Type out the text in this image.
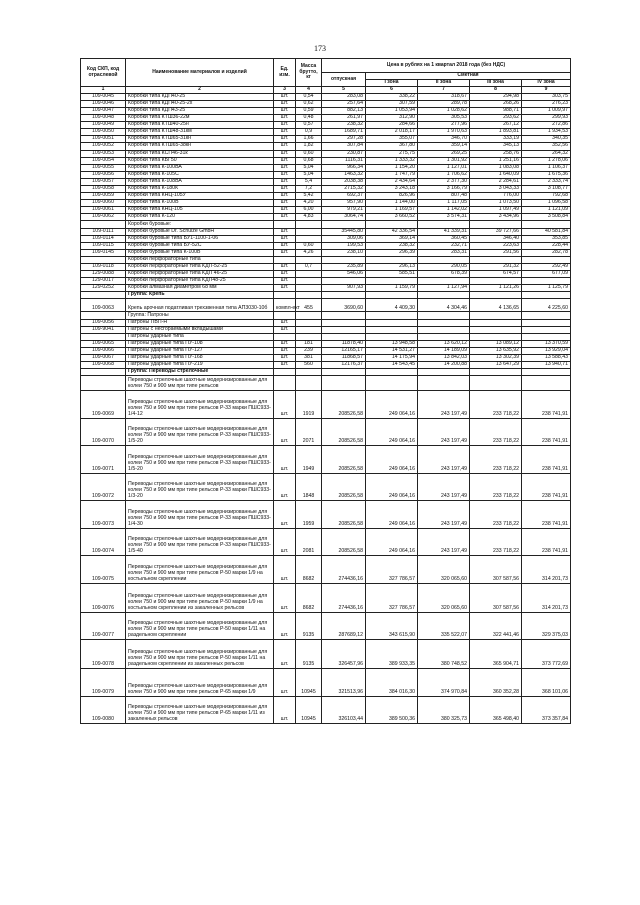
173
Код СКП, код отраслевой	Наименование материалов и изделий	Ед. изм.	Масса брутто, кг	Цена в рублях на 1 квартал 2018 года (без НДС)				
				отпускная	Сметная			
					I зона	II зона	III зона	IV зона
1	2	3	4	5	6	7	8	9
109-0045	Коробки типа КДП40-25	шт.	0,54	283,08	338,22	318,67	294,98	303,75
109-0046	Коробки типа КДП40-25-2x	шт.	0,62	257,64	307,59	289,78	268,26	276,23
109-0047	Коробки типа КДП43-25	шт.	0,59	882,13	1 053,94	1 028,62	988,71	1 009,97
109-0048	Коробки типа КТШ36-22м	шт.	0,48	261,97	312,90	305,53	293,62	299,93
109-0049	Коробки типа КТШ40-25н	шт.	0,57	238,32	284,66	277,96	267,12	272,86
109-0050	Коробки типа КТШ48-31км	шт.	0,9	1689,71	2 018,17	1 970,63	1 893,81	1 934,53
109-0051	Коробки типа КТШ65-31кн	шт.	1,66	297,28	355,07	346,70	333,19	340,35
109-0052	Коробки типа КТШ65-38кн	шт.	1,82	307,84	367,80	359,14	345,13	352,56
109-0053	Коробки типа КСП46-31к	шт.	0,60	230,87	275,75	269,25	258,76	264,32
109-0054	Коробки типа КБГ50	шт.	0,68	1116,31	1 333,32	1 301,92	1 251,16	1 278,06
109-0055	Коробки типа К-100ВА	шт.	5,04	966,34	1 154,20	1 127,01	1 083,08	1 106,37
109-0056	Коробки типа К-105С	шт.	5,04	1463,32	1 747,79	1 706,62	1 640,09	1 675,36
109-0057	Коробки типа К-108ВА	шт.	5,4	2038,38	2 434,64	2 377,30	2 284,61	2 333,74
109-0058	Коробки типа К-180К	шт.	7,2	2715,32	3 243,18	3 166,79	3 043,33	3 108,77
109-0059	Коробки типа КНЦ-105У	шт.	5,42	692,37	826,96	807,48	776,00	792,68
109-0060	Коробки типа К-100В	шт.	4,20	957,90	1 144,00	1 117,05	1 073,50	1 096,58
109-0061	Коробки типа КНЦ-105	шт.	6,00	979,21	1 169,57	1 142,02	1 097,49	1 121,09
109-0062	Коробки типа К-120	шт.	4,83	3064,74	3 660,52	3 574,31	3 434,96	3 508,84
	Коробки буровые:							
109-0111	Коробки буровые Dr. Schulze GmbH	шт.		35445,80	42 336,54	41 339,31	39 727,66	40 581,84
109-0114	Коробки буровые типа БУ1-1100-1-06	шт.		309,06	369,14	360,45	346,40	353,85
109-0115	Коробки буровые типа БУ-52С	шт.	0,60	199,53	238,32	232,71	223,63	228,44
109-0145	Коробки буровые типа К-100В	шт.	4,26	238,10	296,39	283,31	291,56	282,78
	Коробки перфораторные типа							
109-0118	Коробки перфораторные типа КДП-52-25	шт.	0,7	235,89	296,13	290,05	291,32	292,49
129-0088	Коробки перфораторные типа КДП 46-25	шт.		546,06	585,51	678,39	674,57	677,09
129-0017	Коробки перфораторные типа КДП48-25	шт.						
129-0252	Коробки алмазная диаметром 68 мм	шт.		907,93	1 159,79	1 127,94	1 121,26	1 125,79
	Группа: Крепь							
109-0063	Крепь арочная податливая трехзвенная типа АП3030-10б	компл-ект	455	3690,60	4 409,30	4 304,46	4 136,65	4 225,60
	Группа: Патроны							
109-0056	Патроны ПВП-Н	шт.						
109-9041	Патроны с несгораемыми вкладышами	шт.						
	Патроны ударные типа							
109-0065	Патроны ударные типа ПУ-108	шт.	181	11878,40	13 948,58	13 620,12	13 089,12	13 370,59
109-0066	Патроны ударные типа ПУ-127	шт.	239	12165,17	14 531,27	14 189,09	13 635,92	13 929,04
109-0067	Патроны ударные типа ПУ-168	шт.	381	11868,57	14 175,94	13 842,03	13 302,39	13 588,43
109-0068	Патроны ударные типа ПУ-219	шт.	560	12176,37	14 543,45	14 200,88	13 647,29	13 940,71
	Группа: Переводы стрелочные							
	Переводы стрелочные шахтные модернизированные для колеи 750 и 900 мм при типе рельсов							
109-0069	Переводы стрелочные шахтные модернизированные для колеи 750 и 900 мм при типе рельсов Р-33 марки ПШС933-1/4-12	шт.	1919	208526,58	249 064,16	243 197,49	233 718,22	238 741,91
109-0070	Переводы стрелочные шахтные модернизированные для колеи 750 и 900 мм при типе рельсов Р-33 марки ПШС933-1/5-20	шт.	2071	208526,58	249 064,16	243 197,49	233 718,22	238 741,91
109-0071	Переводы стрелочные шахтные модернизированные для колеи 750 и 900 мм при типе рельсов Р-33 марки ПШС933-1/5-20	шт.	1949	208526,58	249 064,16	243 197,49	233 718,22	238 741,91
109-0072	Переводы стрелочные шахтные модернизированные для колеи 750 и 900 мм при типе рельсов Р-33 марки ПШС933-1/3-20	шт.	1848	208526,58	249 064,16	243 197,49	233 718,22	238 741,91
109-0073	Переводы стрелочные шахтные модернизированные для колеи 750 и 900 мм при типе рельсов Р-33 марки ПШС933-1/4-30	шт.	1959	208526,58	249 064,16	243 197,49	233 718,22	238 741,91
109-0074	Переводы стрелочные шахтные модернизированные для колеи 750 и 900 мм при типе рельсов Р-33 марки ПШС933-1/5-40	шт.	2081	208526,58	249 064,16	243 197,49	233 718,22	238 741,91
109-0075	Переводы стрелочные шахтные модернизированные для колеи 750 и 900 мм при типе рельсов Р-50 марки 1/9 на костыльном скреплении	шт.	8682	274436,16	327 786,57	320 065,60	307 587,56	314 201,73
109-0076	Переводы стрелочные шахтные модернизированные для колеи 750 и 900 мм при типе рельсов Р-50 марки 1/9 на костыльном скреплении из закаленных рельсов	шт.	8682	274436,16	327 786,57	320 065,60	307 587,56	314 201,73
109-0077	Переводы стрелочные шахтные модернизированные для колеи 750 и 900 мм при типе рельсов Р-50 марки 1/11 на раздельном скреплении	шт.	9135	287689,12	343 615,90	335 522,07	322 441,46	329 375,03
109-0078	Переводы стрелочные шахтные модернизированные для колеи 750 и 900 мм при типе рельсов Р-50 марки 1/11 на раздельном скреплении из закаленных рельсов	шт.	9135	326457,96	389 933,35	380 748,52	365 904,71	373 772,69
109-0079	Переводы стрелочные шахтные модернизированные для колеи 750 и 900 мм при типе рельсов Р-65 марки 1/9	шт.	10945	321513,96	384 016,30	374 970,84	360 352,28	368 101,06
109-0080	Переводы стрелочные шахтные модернизированные для колеи 750 и 900 мм при типе рельсов Р-65 марки 1/11 из закаленных рельсов	шт.	10945	326103,44	389 500,36	380 325,73	365 498,40	373 357,84
